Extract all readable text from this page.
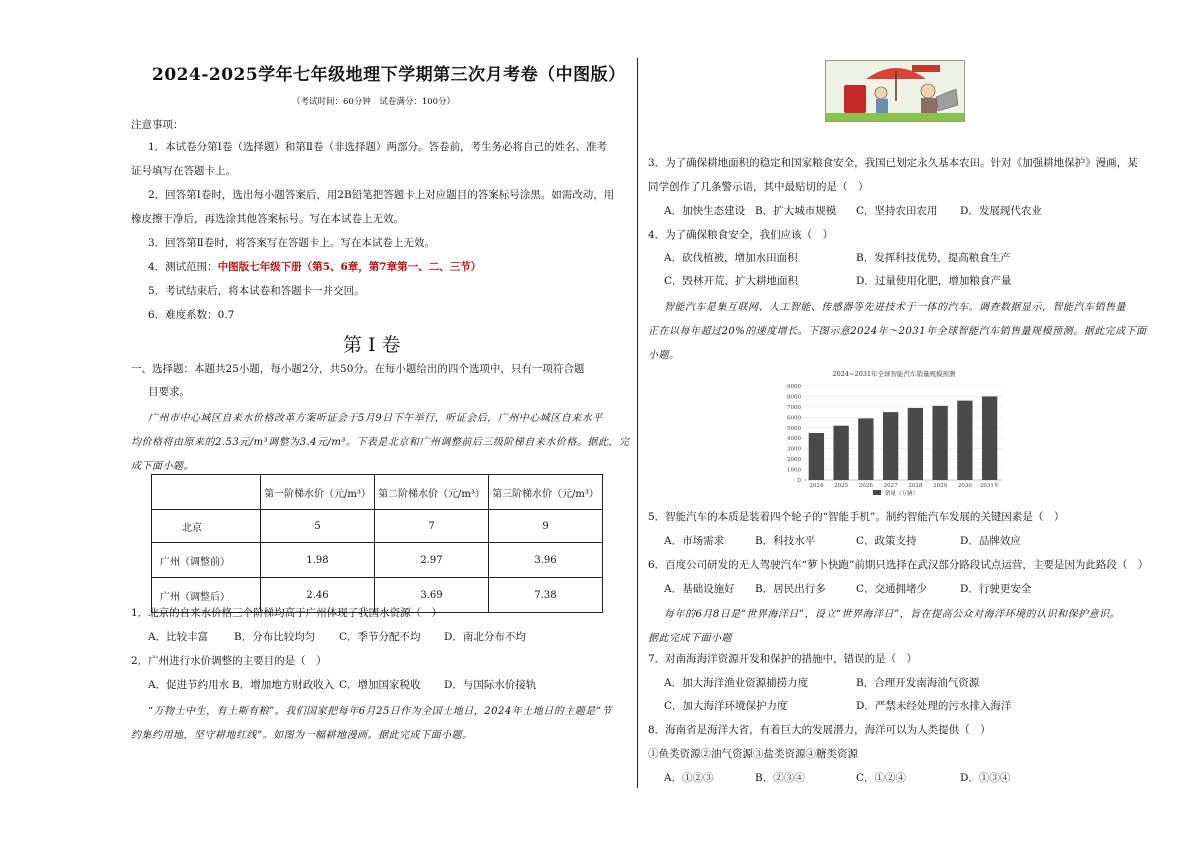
2024-2025学年七年级地理下学期第三次月考卷（中图版）
（考试时间：60分钟　试卷满分：100分）
注意事项：
1．本试卷分第Ⅰ卷（选择题）和第Ⅱ卷（非选择题）两部分。答卷前，考生务必将自己的姓名、准考
证号填写在答题卡上。
2．回答第Ⅰ卷时，选出每小题答案后，用2B铅笔把答题卡上对应题目的答案标号涂黑。如需改动，用
橡皮擦干净后，再选涂其他答案标号。写在本试卷上无效。
3．回答第Ⅱ卷时，将答案写在答题卡上。写在本试卷上无效。
4．测试范围：中图版七年级下册（第5、6章，第7章第一、二、三节）
5．考试结束后，将本试卷和答题卡一并交回。
6．难度系数：0.7
第Ⅰ卷
一、选择题：本题共25小题，每小题2分，共50分。在每小题给出的四个选项中，只有一项符合题
目要求。
广州市中心城区自来水价格改革方案听证会于5月9日下午举行，听证会后，广州中心城区自来水平
均价格将由原来的2.53元/m³调整为3.4元/m³。下表是北京和广州调整前后三级阶梯自来水价格。据此，完
成下面小题。
	第一阶梯水价（元/m³）	第二阶梯水价（元/m³）	第三阶梯水价（元/m³）
北京	5	7	9
广州（调整前）	1.98	2.97	3.96
广州（调整后）	2.46	3.69	7.38
1．北京的自来水价格三个阶梯均高于广州体现了我国水资源（　）
A．比较丰富 B．分布比较均匀 C．季节分配不均 D．南北分布不均
2．广州进行水价调整的主要目的是（　）
A．促进节约用水 B．增加地方财政收入 C．增加国家税收 D．与国际水价接轨
“万物土中生，有土斯有粮”。我们国家把每年6月25日作为全国土地日，2024年土地日的主题是“节
约集约用地，坚守耕地红线”。如图为一幅耕地漫画。据此完成下面小题。
3．为了确保耕地面积的稳定和国家粮食安全，我国已划定永久基本农田。针对《加强耕地保护》漫画，某
同学创作了几条警示语，其中最贴切的是（　）
A．加快生态建设 B．扩大城市规模 C．坚持农田农用 D．发展现代农业
4．为了确保粮食安全，我们应该（　）
A．砍伐植被，增加水田面积	B．发挥科技优势，提高粮食生产
C．毁林开荒，扩大耕地面积	D．过量使用化肥，增加粮食产量
智能汽车是集互联网、人工智能、传感器等先进技术于一体的汽车。调查数据显示，智能汽车销售量
正在以每年超过20%的速度增长。下图示意2024年～2031年全球智能汽车销售量规模预测。据此完成下面
小题。
2024~2031年全球智能汽车销量规模预测
0
1000
2000
3000
4000
5000
6000
7000
8000
9000
2024 2025 2026 2027 2028 2029 2030 2031年
销量（万辆）
5．智能汽车的本质是装着四个轮子的“智能手机”。制约智能汽车发展的关键因素是（　）
A．市场需求	B．科技水平	C．政策支持	D．品牌效应
6．百度公司研发的无人驾驶汽车“萝卜快跑”前期只选择在武汉部分路段试点运营，主要是因为此路段（　）
A．基础设施好 B．居民出行多	C．交通拥堵少	D．行驶更安全
每年的6月8日是“世界海洋日”，设立“世界海洋日”，旨在提高公众对海洋环境的认识和保护意识。
据此完成下面小题
7．对南海海洋资源开发和保护的措施中，错误的是（　）
A．加大海洋渔业资源捕捞力度	B．合理开发南海油气资源
C．加大海洋环境保护力度	D．严禁未经处理的污水排入海洋
8．海南省是海洋大省，有着巨大的发展潜力，海洋可以为人类提供（　）
①鱼类资源②油气资源③盐类资源④糖类资源
A．①②③	B．②③④	C．①②④	D．①③④
